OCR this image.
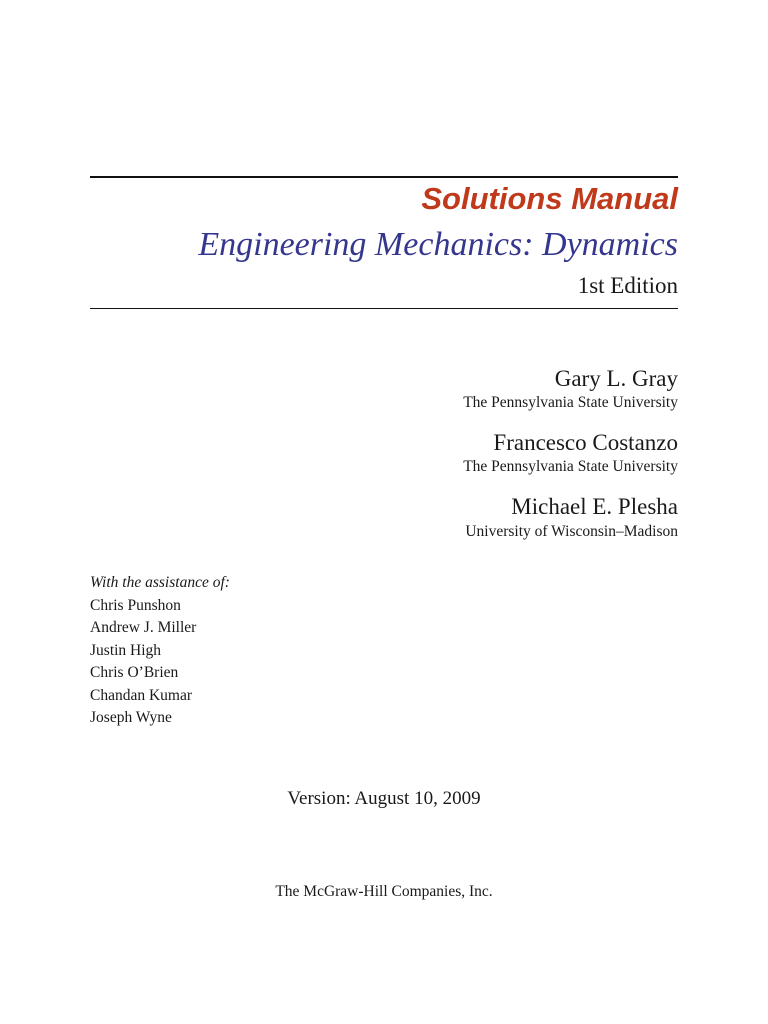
Solutions Manual
Engineering Mechanics: Dynamics
1st Edition
Gary L. Gray
The Pennsylvania State University
Francesco Costanzo
The Pennsylvania State University
Michael E. Plesha
University of Wisconsin–Madison
With the assistance of:
Chris Punshon
Andrew J. Miller
Justin High
Chris O’Brien
Chandan Kumar
Joseph Wyne
Version: August 10, 2009
The McGraw-Hill Companies, Inc.
